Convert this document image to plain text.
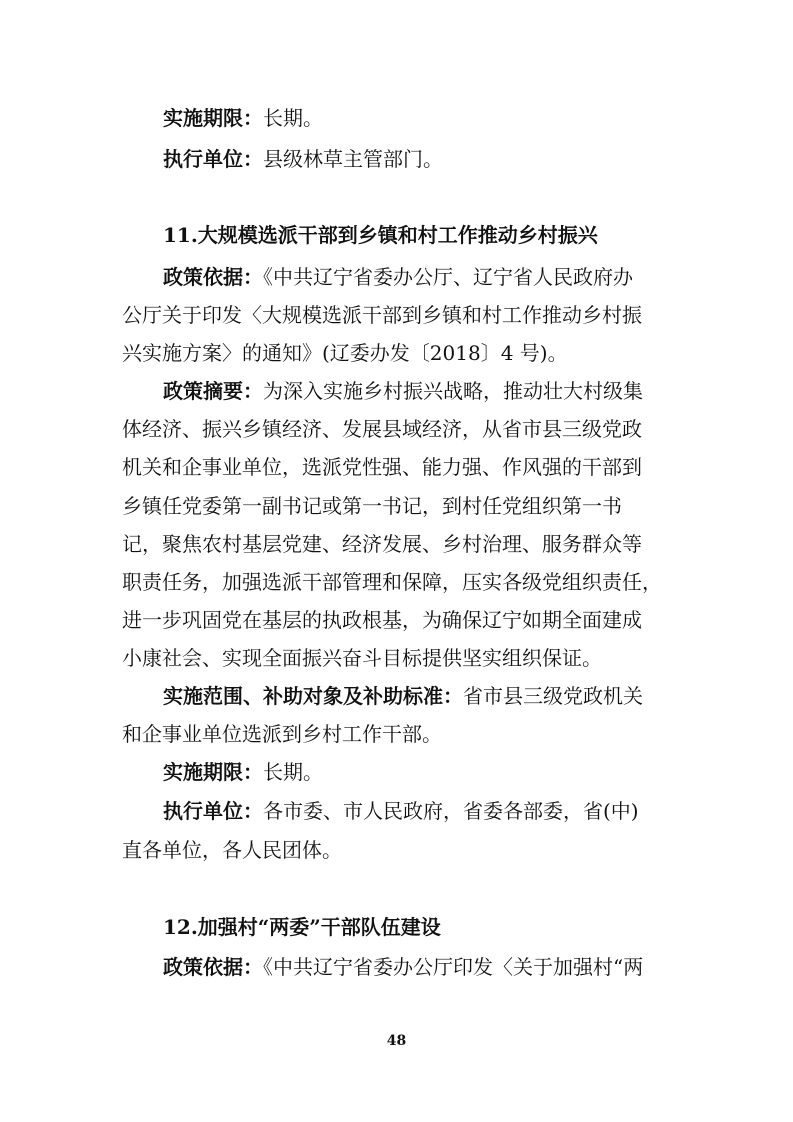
实施期限：长期。
执行单位：县级林草主管部门。
11.大规模选派干部到乡镇和村工作推动乡村振兴
政策依据：《中共辽宁省委办公厅、辽宁省人民政府办
公厅关于印发〈大规模选派干部到乡镇和村工作推动乡村振
兴实施方案〉的通知》(辽委办发〔2018〕4 号)。
政策摘要：为深入实施乡村振兴战略，推动壮大村级集
体经济、振兴乡镇经济、发展县域经济，从省市县三级党政
机关和企事业单位，选派党性强、能力强、作风强的干部到
乡镇任党委第一副书记或第一书记，到村任党组织第一书
记，聚焦农村基层党建、经济发展、乡村治理、服务群众等
职责任务，加强选派干部管理和保障，压实各级党组织责任，
进一步巩固党在基层的执政根基，为确保辽宁如期全面建成
小康社会、实现全面振兴奋斗目标提供坚实组织保证。
实施范围、补助对象及补助标准：省市县三级党政机关
和企事业单位选派到乡村工作干部。
实施期限：长期。
执行单位：各市委、市人民政府，省委各部委，省(中)
直各单位，各人民团体。
12.加强村“两委”干部队伍建设
政策依据：《中共辽宁省委办公厅印发〈关于加强村“两
48
